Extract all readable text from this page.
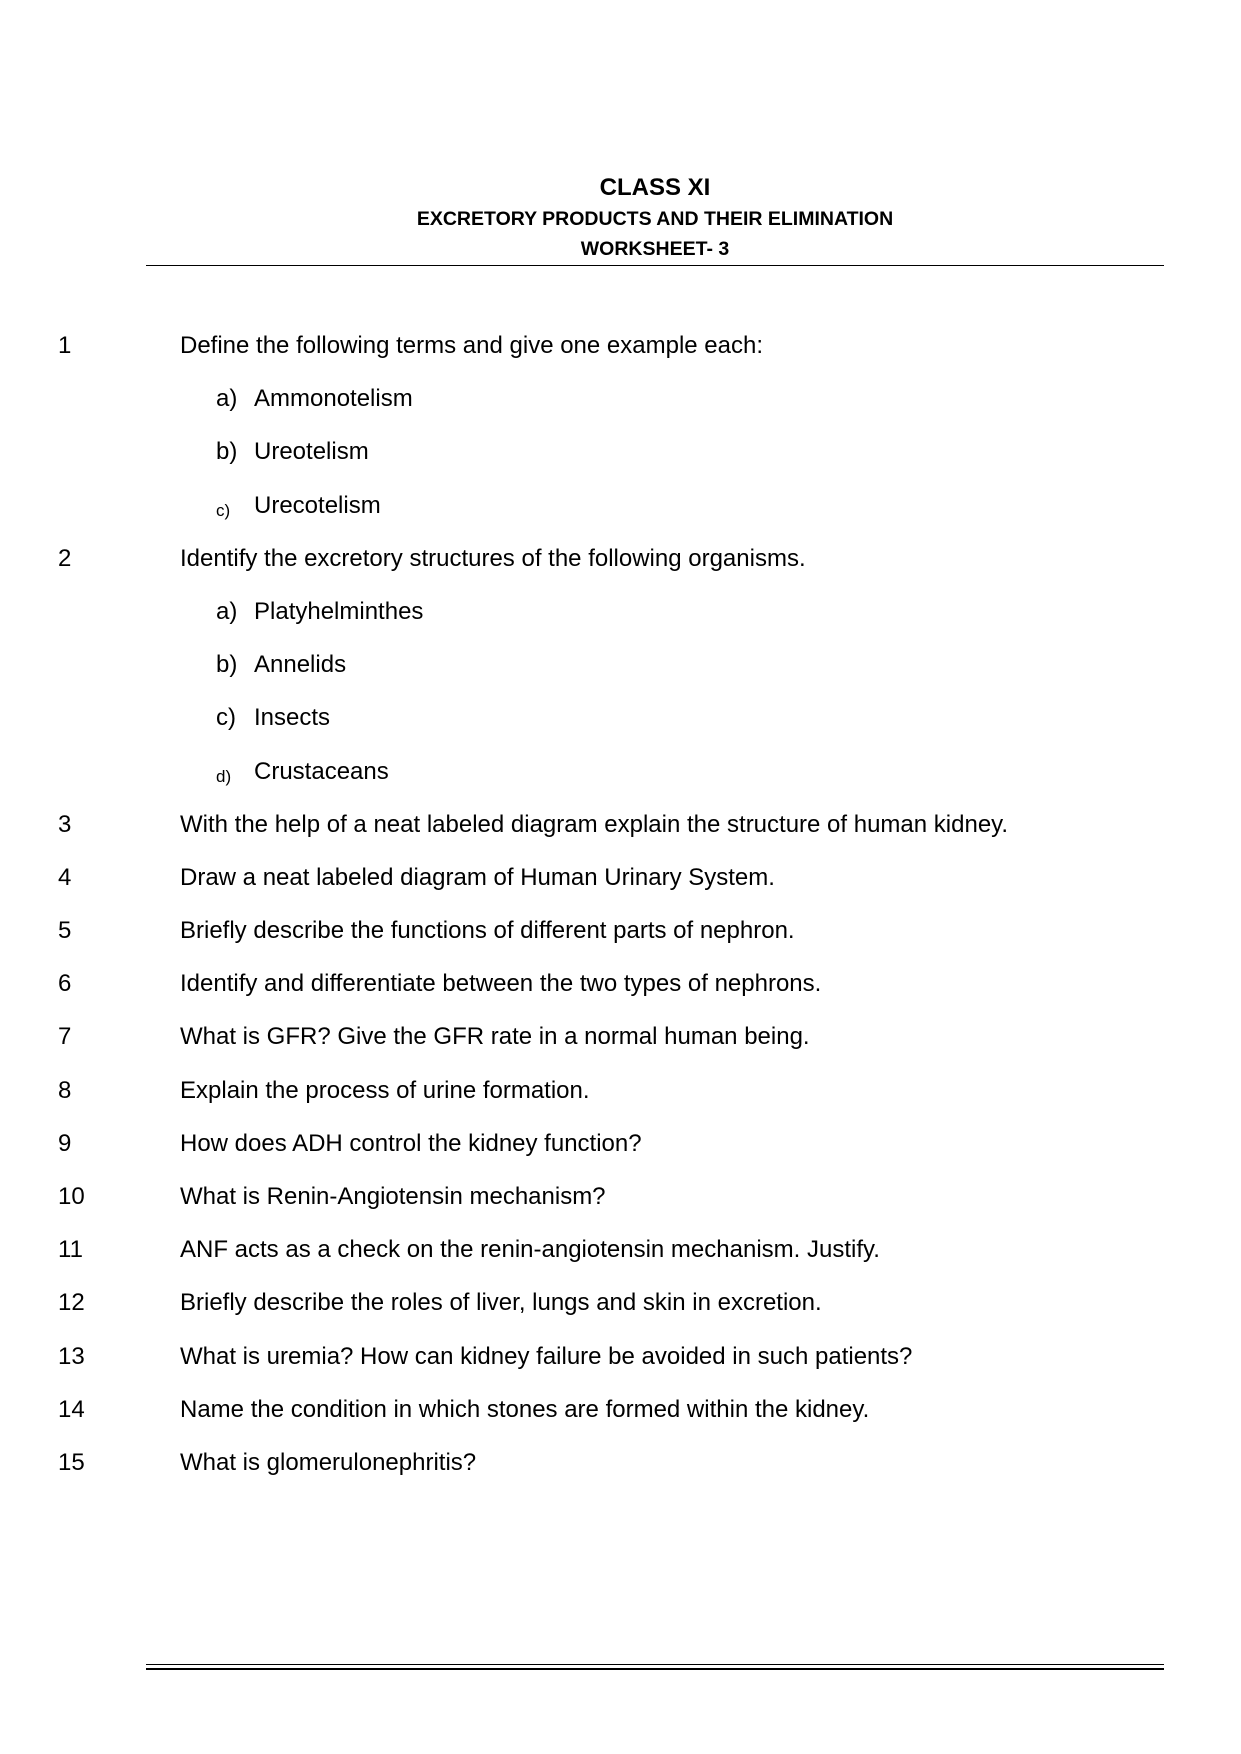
CLASS XI
EXCRETORY PRODUCTS AND THEIR ELIMINATION
WORKSHEET- 3
1	Define the following terms and give one example each:
a) Ammonotelism
b) Ureotelism
c) Urecotelism
2	Identify the excretory structures of the following organisms.
a) Platyhelminthes
b) Annelids
c) Insects
d) Crustaceans
3	With the help of a neat labeled diagram explain the structure of human kidney.
4	Draw a neat labeled diagram of Human Urinary System.
5	Briefly describe the functions of different parts of nephron.
6	Identify and differentiate between the two types of nephrons.
7	What is GFR? Give the GFR rate in a normal human being.
8	Explain the process of urine formation.
9	How does ADH control the kidney function?
10	What is Renin-Angiotensin mechanism?
11	ANF acts as a check on the renin-angiotensin mechanism. Justify.
12	Briefly describe the roles of liver, lungs and skin in excretion.
13	What is uremia? How can kidney failure be avoided in such patients?
14	Name the condition in which stones are formed within the kidney.
15	What is glomerulonephritis?
